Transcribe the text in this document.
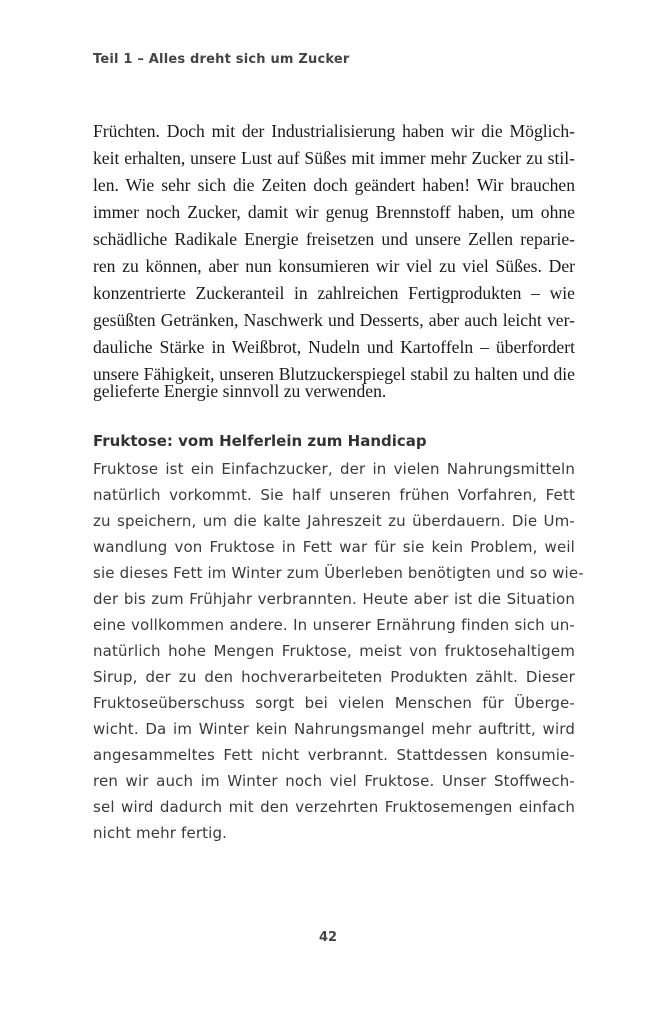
Teil 1 – Alles dreht sich um Zucker
Früchten. Doch mit der Industrialisierung haben wir die Möglich-
keit erhalten, unsere Lust auf Süßes mit immer mehr Zucker zu stil-
len. Wie sehr sich die Zeiten doch geändert haben! Wir brauchen
immer noch Zucker, damit wir genug Brennstoff haben, um ohne
schädliche Radikale Energie freisetzen und unsere Zellen reparie-
ren zu können, aber nun konsumieren wir viel zu viel Süßes. Der
konzentrierte Zuckeranteil in zahlreichen Fertigprodukten – wie
gesüßten Getränken, Naschwerk und Desserts, aber auch leicht ver-
dauliche Stärke in Weißbrot, Nudeln und Kartoffeln – überfordert
unsere Fähigkeit, unseren Blutzuckerspiegel stabil zu halten und die
gelieferte Energie sinnvoll zu verwenden.
Fruktose: vom Helferlein zum Handicap
Fruktose ist ein Einfachzucker, der in vielen Nahrungsmitteln
natürlich vorkommt. Sie half unseren frühen Vorfahren, Fett
zu speichern, um die kalte Jahreszeit zu überdauern. Die Um-
wandlung von Fruktose in Fett war für sie kein Problem, weil
sie dieses Fett im Winter zum Überleben benötigten und so wie-
der bis zum Frühjahr verbrannten. Heute aber ist die Situation
eine vollkommen andere. In unserer Ernährung finden sich un-
natürlich hohe Mengen Fruktose, meist von fruktosehaltigem
Sirup, der zu den hochverarbeiteten Produkten zählt. Dieser
Fruktoseüberschuss sorgt bei vielen Menschen für Überge-
wicht. Da im Winter kein Nahrungsmangel mehr auftritt, wird
angesammeltes Fett nicht verbrannt. Stattdessen konsumie-
ren wir auch im Winter noch viel Fruktose. Unser Stoffwech-
sel wird dadurch mit den verzehrten Fruktosemengen einfach
nicht mehr fertig.
42
